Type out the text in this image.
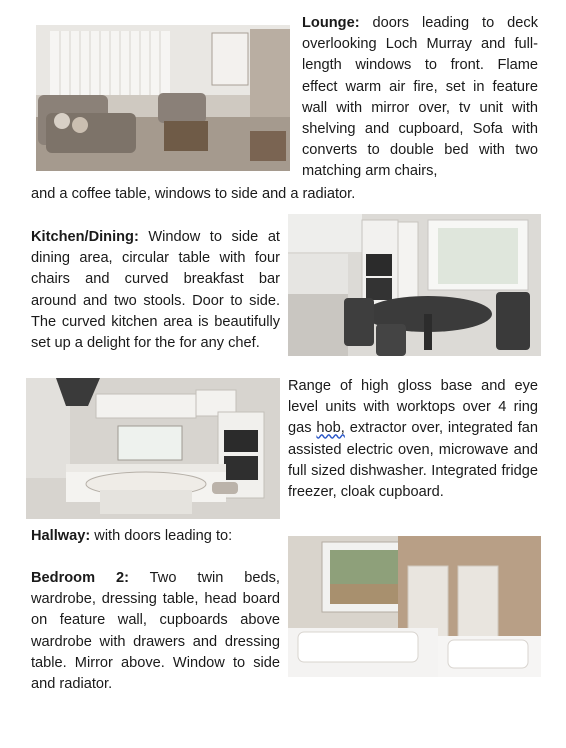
Lounge: doors leading to deck overlooking Loch Murray and full-length windows to front. Flame effect warm air fire, set in feature wall with mirror over, tv unit with shelving and cupboard, Sofa with converts to double bed with two matching arm chairs,
and a coffee table, windows to side and a radiator.
Kitchen/Dining: Window to side at dining area, circular table with four chairs and curved breakfast bar around and two stools. Door to side. The curved kitchen area is beautifully set up a delight for the for any chef.
Range of high gloss base and eye level units with worktops over 4 ring gas hob, extractor over, integrated fan assisted electric oven, microwave and full sized dishwasher. Integrated fridge freezer, cloak cupboard.
Hallway: with doors leading to:
Bedroom 2: Two twin beds, wardrobe, dressing table, head board on feature wall, cupboards above wardrobe with drawers and dressing table. Mirror above. Window to side and radiator.
